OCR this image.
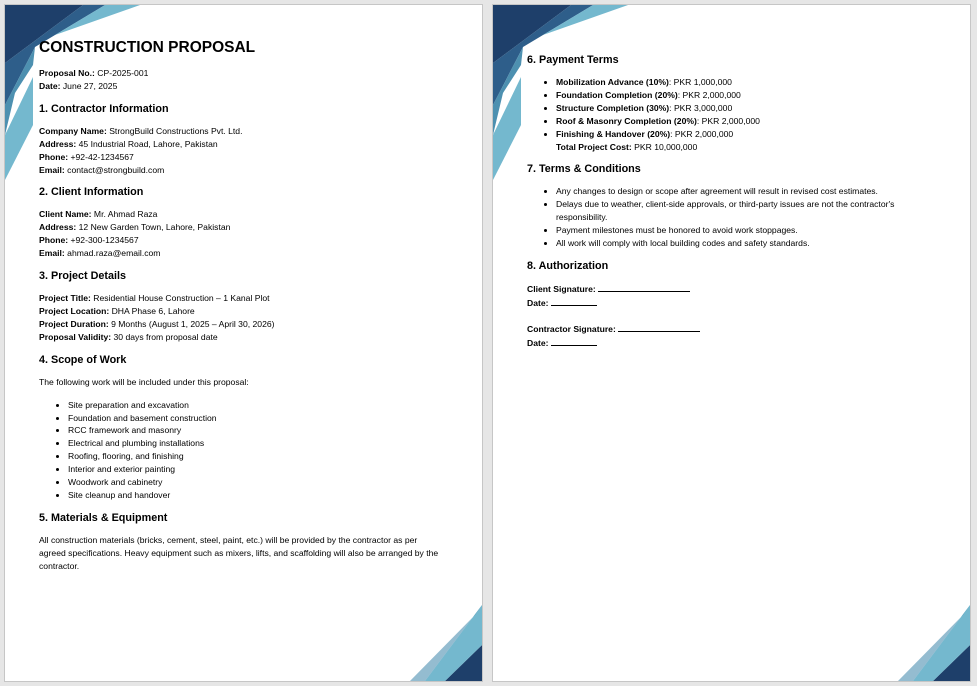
CONSTRUCTION PROPOSAL
Proposal No.: CP-2025-001
Date: June 27, 2025
1. Contractor Information
Company Name: StrongBuild Constructions Pvt. Ltd.
Address: 45 Industrial Road, Lahore, Pakistan
Phone: +92-42-1234567
Email: contact@strongbuild.com
2. Client Information
Client Name: Mr. Ahmad Raza
Address: 12 New Garden Town, Lahore, Pakistan
Phone: +92-300-1234567
Email: ahmad.raza@email.com
3. Project Details
Project Title: Residential House Construction – 1 Kanal Plot
Project Location: DHA Phase 6, Lahore
Project Duration: 9 Months (August 1, 2025 – April 30, 2026)
Proposal Validity: 30 days from proposal date
4. Scope of Work

The following work will be included under this proposal:

• Site preparation and excavation
• Foundation and basement construction
• RCC framework and masonry
• Electrical and plumbing installations
• Roofing, flooring, and finishing
• Interior and exterior painting
• Woodwork and cabinetry
• Site cleanup and handover
5. Materials & Equipment

All construction materials (bricks, cement, steel, paint, etc.) will be provided by the contractor as per agreed specifications. Heavy equipment such as mixers, lifts, and scaffolding will also be arranged by the contractor.

6. Payment Terms
• Mobilization Advance (10%): PKR 1,000,000
• Foundation Completion (20%): PKR 2,000,000
• Structure Completion (30%): PKR 3,000,000
• Roof & Masonry Completion (20%): PKR 2,000,000
• Finishing & Handover (20%): PKR 2,000,000
Total Project Cost: PKR 10,000,000
7. Terms & Conditions
• Any changes to design or scope after agreement will result in revised cost estimates.
• Delays due to weather, client-side approvals, or third-party issues are not the contractor's responsibility.
• Payment milestones must be honored to avoid work stoppages.
• All work will comply with local building codes and safety standards.
8. Authorization
Client Signature:
Date:
Contractor Signature:
Date:
